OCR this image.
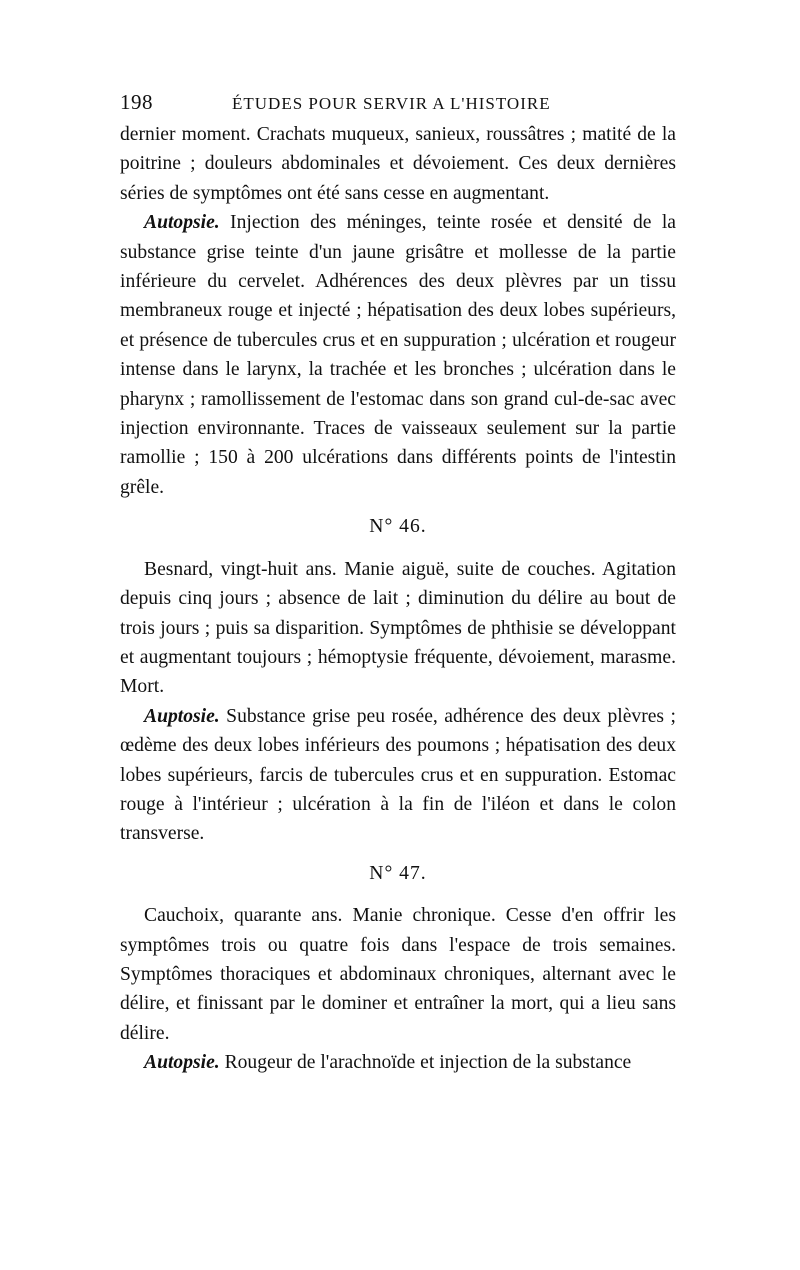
198	ÉTUDES POUR SERVIR A L'HISTOIRE

dernier moment. Crachats muqueux, sanieux, roussâtres ; matité de la poitrine ; douleurs abdominales et dévoiement. Ces deux dernières séries de symptômes ont été sans cesse en augmentant.

Autopsie. Injection des méninges, teinte rosée et densité de la substance grise teinte d'un jaune grisâtre et mollesse de la partie inférieure du cervelet. Adhérences des deux plèvres par un tissu membraneux rouge et injecté ; hépatisation des deux lobes supérieurs, et présence de tubercules crus et en suppuration ; ulcération et rougeur intense dans le larynx, la trachée et les bronches ; ulcération dans le pharynx ; ramollissement de l'estomac dans son grand cul-de-sac avec injection environnante. Traces de vaisseaux seulement sur la partie ramollie ; 150 à 200 ulcérations dans différents points de l'intestin grêle.

N° 46.

Besnard, vingt-huit ans. Manie aiguë, suite de couches. Agitation depuis cinq jours ; absence de lait ; diminution du délire au bout de trois jours ; puis sa disparition. Symptômes de phthisie se développant et augmentant toujours ; hémoptysie fréquente, dévoiement, marasme. Mort.

Auptosie. Substance grise peu rosée, adhérence des deux plèvres ; œdème des deux lobes inférieurs des poumons ; hépatisation des deux lobes supérieurs, farcis de tubercules crus et en suppuration. Estomac rouge à l'intérieur ; ulcération à la fin de l'iléon et dans le colon transverse.

N° 47.

Cauchoix, quarante ans. Manie chronique. Cesse d'en offrir les symptômes trois ou quatre fois dans l'espace de trois semaines. Symptômes thoraciques et abdominaux chroniques, alternant avec le délire, et finissant par le dominer et entraîner la mort, qui a lieu sans délire.

Autopsie. Rougeur de l'arachnoïde et injection de la substance
